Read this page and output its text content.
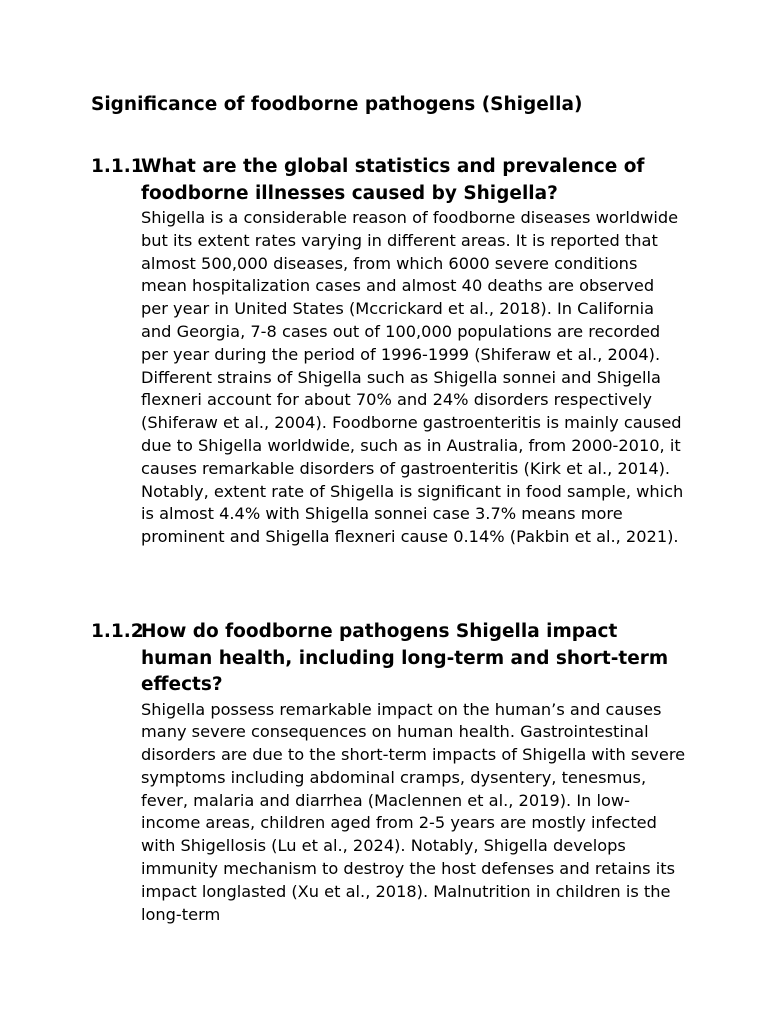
Significance of foodborne pathogens (Shigella)
1.1.1
What are the global statistics and prevalence of foodborne illnesses caused by Shigella?

Shigella is a considerable reason of foodborne diseases worldwide but its extent rates varying in different areas. It is reported that almost 500,000 diseases, from which 6000 severe conditions mean hospitalization cases and almost 40 deaths are observed per year in United States (Mccrickard et al., 2018). In California and Georgia, 7-8 cases out of 100,000 populations are recorded per year during the period of 1996-1999 (Shiferaw et al., 2004). Different strains of Shigella such as Shigella sonnei and Shigella flexneri account for about 70% and 24% disorders respectively (Shiferaw et al., 2004). Foodborne gastroenteritis is mainly caused due to Shigella worldwide, such as in Australia, from 2000-2010, it causes remarkable disorders of gastroenteritis (Kirk et al., 2014). Notably, extent rate of Shigella is significant in food sample, which is almost 4.4% with Shigella sonnei case 3.7% means more prominent and Shigella flexneri cause 0.14% (Pakbin et al., 2021).

1.1.2
How do foodborne pathogens Shigella impact human health, including long-term and short-term effects?

Shigella possess remarkable impact on the human’s and causes many severe consequences on human health. Gastrointestinal disorders are due to the short-term impacts of Shigella with severe symptoms including abdominal cramps, dysentery, tenesmus, fever, malaria and diarrhea (Maclennen et al., 2019). In low-income areas, children aged from 2-5 years are mostly infected with Shigellosis (Lu et al., 2024). Notably, Shigella develops immunity mechanism to destroy the host defenses and retains its impact longlasted (Xu et al., 2018). Malnutrition in children is the long-term
